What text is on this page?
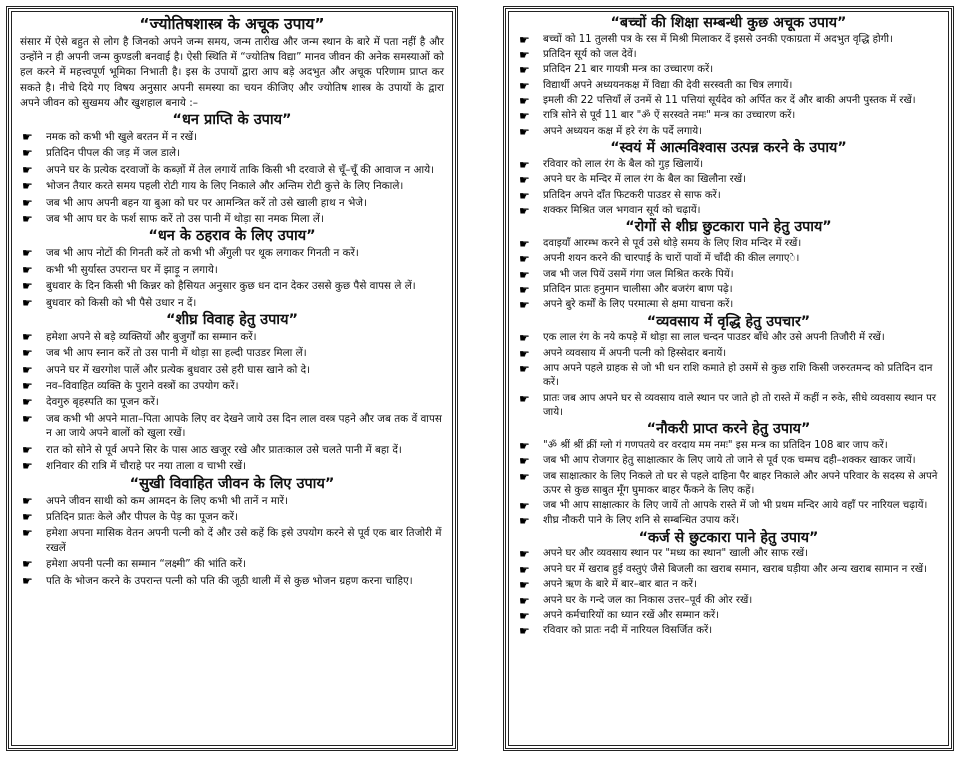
“ज्योतिषशास्त्र के अचूक उपाय”
संसार में ऐसे बहुत से लोग है जिनको अपने जन्म समय, जन्म तारीख और जन्म स्थान के बारे में पता नहीं है और उन्होंने न ही अपनी जन्म कुण्डली बनवाई है। ऐसी स्थिति में “ज्योतिष विद्या” मानव जीवन की अनेक समस्याओं को हल करने में महत्त्वपूर्ण भूमिका निभाती है। इस के उपायों द्वारा आप बड़े अदभुत और अचूक परिणाम प्राप्त कर सकते है। नीचे दिये गए विषय अनुसार अपनी समस्या का चयन कीजिए और ज्योतिष शास्त्र के उपायों के द्वारा अपने जीवन को सुखमय और खुशहाल बनाये :–
“धन प्राप्ति के उपाय”
☛ नमक को कभी भी खुले बरतन में न रखें।
☛ प्रतिदिन पीपल की जड़ में जल डाले।
☛ अपने घर के प्रत्येक दरवाजों के कब्ज़ों में तेल लगायें ताकि किसी भी दरवाजे से चूँ–चूँ की आवाज न आये।
☛ भोजन तैयार करते समय पहली रोटी गाय के लिए निकाले और अन्तिम रोटी कुत्ते के लिए निकाले।
☛ जब भी आप अपनी बहन या बुआ को घर पर आमन्त्रित करें तो उसे खाली हाथ न भेजे।
☛ जब भी आप घर के फर्श साफ करें तो उस पानी में थोड़ा सा नमक मिला लें।
“धन के ठहराव के लिए उपाय”
☛ जब भी आप नोटों की गिनती करें तो कभी भी अँगुली पर थूक लगाकर गिनती न करें।
☛ कभी भी सुर्यास्त उपरान्त घर में झाड़ू न लगाये।
☛ बुधवार के दिन किसी भी किन्नर को हैसियत अनुसार कुछ धन दान देकर उससे कुछ पैसे वापस ले लें।
☛ बुधवार को किसी को भी पैसे उधार न दें।
“शीघ्र विवाह हेतु उपाय”
☛ हमेशा अपने से बड़े व्यक्तियों और बुजुर्गों का सम्मान करें।
☛ जब भी आप स्नान करें तो उस पानी में थोड़ा सा हल्दी पाउडर मिला लें।
☛ अपने घर में खरगोश पालें और प्रत्येक बुधवार उसे हरी घास खाने को दे।
☛ नव–विवाहित व्यक्ति के पुराने वस्त्रों का उपयोग करें।
☛ देवगुरु बृहस्पति का पूजन करें।
☛ जब कभी भी अपने माता–पिता आपके लिए वर देखने जाये उस दिन लाल वस्त्र पहने और जब तक वें वापस न आ जाये अपने बालों को खुला रखें।
☛ रात को सोने से पूर्व अपने सिर के पास आठ खजूर रखे और प्रातःकाल उसे चलते पानी में बहा दें।
☛ शनिवार की रात्रि में चौराहे पर नया ताला व चाभी रखें।
“सुखी विवाहित जीवन के लिए उपाय”
☛ अपने जीवन साथी को कम आमदन के लिए कभी भी तानें न मारें।
☛ प्रतिदिन प्रातः केले और पीपल के पेड़ का पूजन करें।
☛ हमेशा अपना मासिक वेतन अपनी पत्नी को दें और उसे कहें कि इसे उपयोग करने से पूर्व एक बार तिजोरी में रखलें
☛ हमेशा अपनी पत्नी का सम्मान “लक्ष्मी” की भांति करें।
☛ पति के भोजन करने के उपरान्त पत्नी को पति की जूठी थाली में से कुछ भोजन ग्रहण करना चाहिए।
“बच्चों की शिक्षा सम्बन्धी कुछ अचूक उपाय”
☛ बच्चों को 11 तुलसी पत्र के रस में मिश्री मिलाकर दें इससे उनकी एकाग्रता में अदभुत वृद्धि होगी।
☛ प्रतिदिन सूर्य को जल देवें।
☛ प्रतिदिन 21 बार गायत्री मन्त्र का उच्चारण करें।
☛ विद्यार्थी अपने अध्ययनकक्ष में विद्या की देवी सरस्वती का चित्र लगायें।
☛ इमली की 22 पत्तियाँ लें उनमें से 11 पत्तियां सूर्यदेव को अर्पित कर दें और बाकी अपनी पुस्तक में रखें।
☛ रात्रि सोने से पूर्व 11 बार "ॐ ऐं सरस्वते नमः" मन्त्र का उच्चारण करें।
☛ अपने अध्ययन कक्ष में हरे रंग के पर्दे लगाये।
“स्वयं में आत्मविश्वास उत्पन्न करने के उपाय”
☛ रविवार को लाल रंग के बैल को गुड़ खिलायें।
☛ अपने घर के मन्दिर में लाल रंग के बैल का खिलौना रखें।
☛ प्रतिदिन अपने दाँत फिटकरी पाउडर से साफ करें।
☛ शक्कर मिश्रित जल भगवान सूर्य को चढ़ायें।
“रोगों से शीघ्र छुटकारा पाने हेतु उपाय”
☛ दवाइयाँ आरम्भ करने से पूर्व उसे थोड़े समय के लिए शिव मन्दिर में रखें।
☛ अपनी शयन करने की चारपाई के चारों पावों में चाँदी की कील लगाएे।
☛ जब भी जल पियें उसमें गंगा जल मिश्रित करके पियें।
☛ प्रतिदिन प्रातः हनुमान चालीसा और बजरंग बाण पढ़े।
☛ अपने बुरे कर्मों के लिए परमात्मा से क्षमा याचना करें।
“व्यवसाय में वृद्धि हेतु उपचार”
☛ एक लाल रंग के नये कपड़े में थोड़ा सा लाल चन्दन पाउडर बाँधे और उसे अपनी तिजौरी में रखें।
☛ अपने व्यवसाय में अपनी पत्नी को हिस्सेदार बनायें।
☛ आप अपने पहले ग्राहक से जो भी धन राशि कमाते हो उसमें से कुछ राशि किसी जरुरतमन्द को प्रतिदिन दान करें।
☛ प्रातः जब आप अपने घर से व्यवसाय वाले स्थान पर जाते हो तो रास्ते में कहीं न रुके, सीधे व्यवसाय स्थान पर जाये।
“नौकरी प्राप्त करने हेतु उपाय”
☛ "ॐ श्रीं श्रीं क्रीं ग्लो गं गणपतये वर वरदाय मम नमः" इस मन्त्र का प्रतिदिन 108 बार जाप करें।
☛ जब भी आप रोजगार हेतु साक्षात्कार के लिए जाये तो जाने से पूर्व एक चम्मच दही–शक्कर खाकर जायें।
☛ जब साक्षात्कार के लिए निकले तो घर से पहले दाहिना पैर बाहर निकाले और अपने परिवार के सदस्य से अपने ऊपर से कुछ साबुत मूँग घुमाकर बाहर फैंकने के लिए कहें।
☛ जब भी आप साक्षात्कार के लिए जायें तो आपके रास्ते में जो भी प्रथम मन्दिर आये वहाँ पर नारियल चढ़ायें।
☛ शीघ्र नौकरी पाने के लिए शनि से सम्बन्धित उपाय करें।
“कर्ज से छुटकारा पाने हेतु उपाय”
☛ अपने घर और व्यवसाय स्थान पर "मध्य का स्थान" खाली और साफ रखें।
☛ अपने घर में खराब हुई वस्तुएं जैसे बिजली का खराब समान, खराब घड़ीया और अन्य खराब सामान न रखें।
☛ अपने ऋण के बारे में बार–बार बात न करें।
☛ अपने घर के गन्दे जल का निकास उत्तर–पूर्व की ओर रखें।
☛ अपने कर्मचारियों का ध्यान रखें और सम्मान करें।
☛ रविवार को प्रातः नदी में नारियल विसर्जित करें।
